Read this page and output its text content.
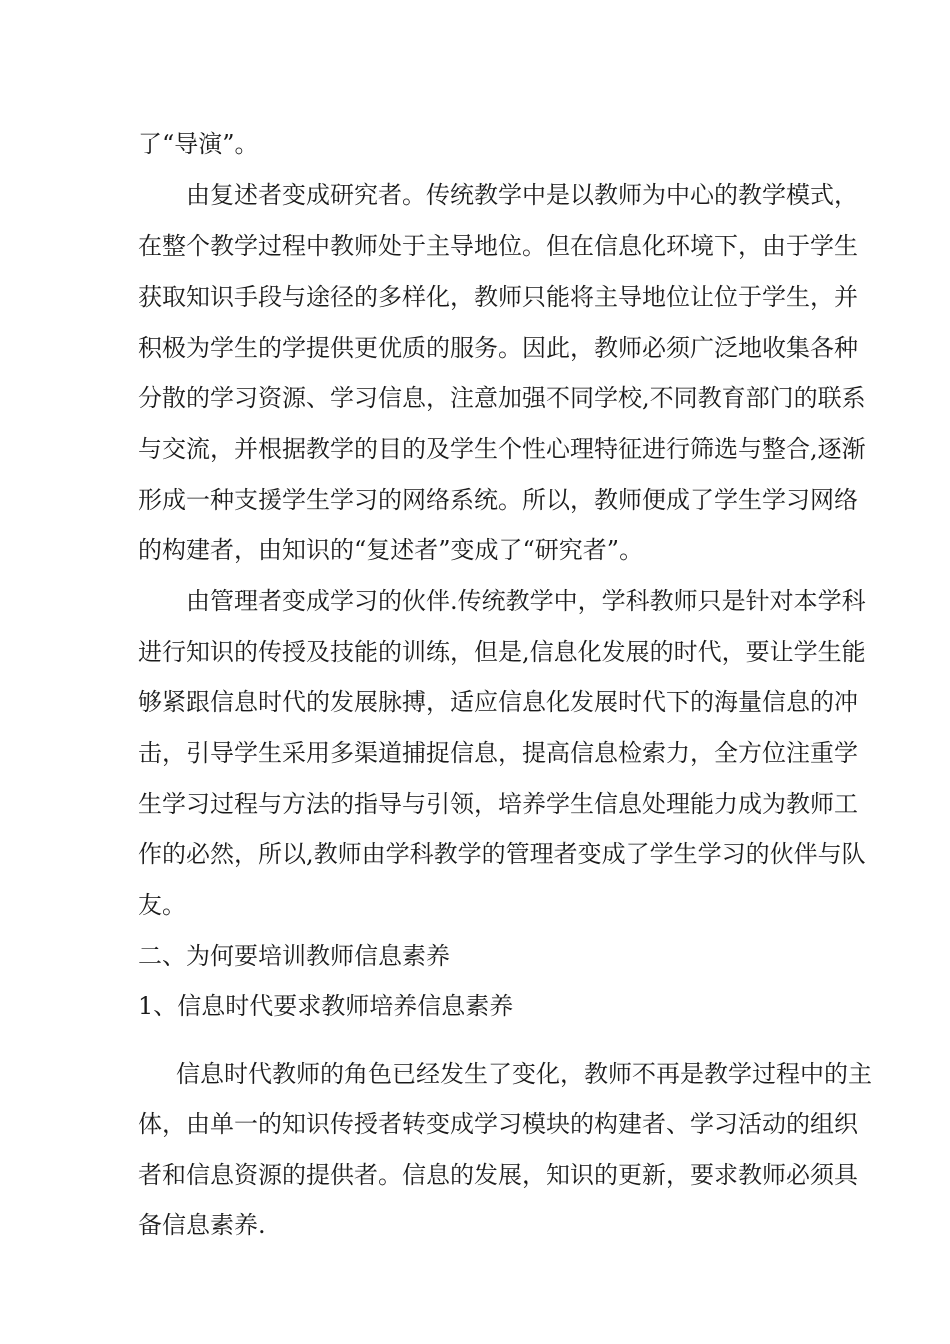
了“导演”。
由复述者变成研究者。传统教学中是以教师为中心的教学模式，
在整个教学过程中教师处于主导地位。但在信息化环境下，由于学生
获取知识手段与途径的多样化，教师只能将主导地位让位于学生，并
积极为学生的学提供更优质的服务。因此，教师必须广泛地收集各种
分散的学习资源、学习信息，注意加强不同学校,不同教育部门的联系
与交流，并根据教学的目的及学生个性心理特征进行筛选与整合,逐渐
形成一种支援学生学习的网络系统。所以，教师便成了学生学习网络
的构建者，由知识的“复述者”变成了“研究者”。
由管理者变成学习的伙伴.传统教学中，学科教师只是针对本学科
进行知识的传授及技能的训练，但是,信息化发展的时代，要让学生能
够紧跟信息时代的发展脉搏，适应信息化发展时代下的海量信息的冲
击，引导学生采用多渠道捕捉信息，提高信息检索力，全方位注重学
生学习过程与方法的指导与引领，培养学生信息处理能力成为教师工
作的必然，所以,教师由学科教学的管理者变成了学生学习的伙伴与队
友。
二、为何要培训教师信息素养
1、信息时代要求教师培养信息素养
信息时代教师的角色已经发生了变化，教师不再是教学过程中的主
体，由单一的知识传授者转变成学习模块的构建者、学习活动的组织
者和信息资源的提供者。信息的发展，知识的更新，要求教师必须具
备信息素养.
